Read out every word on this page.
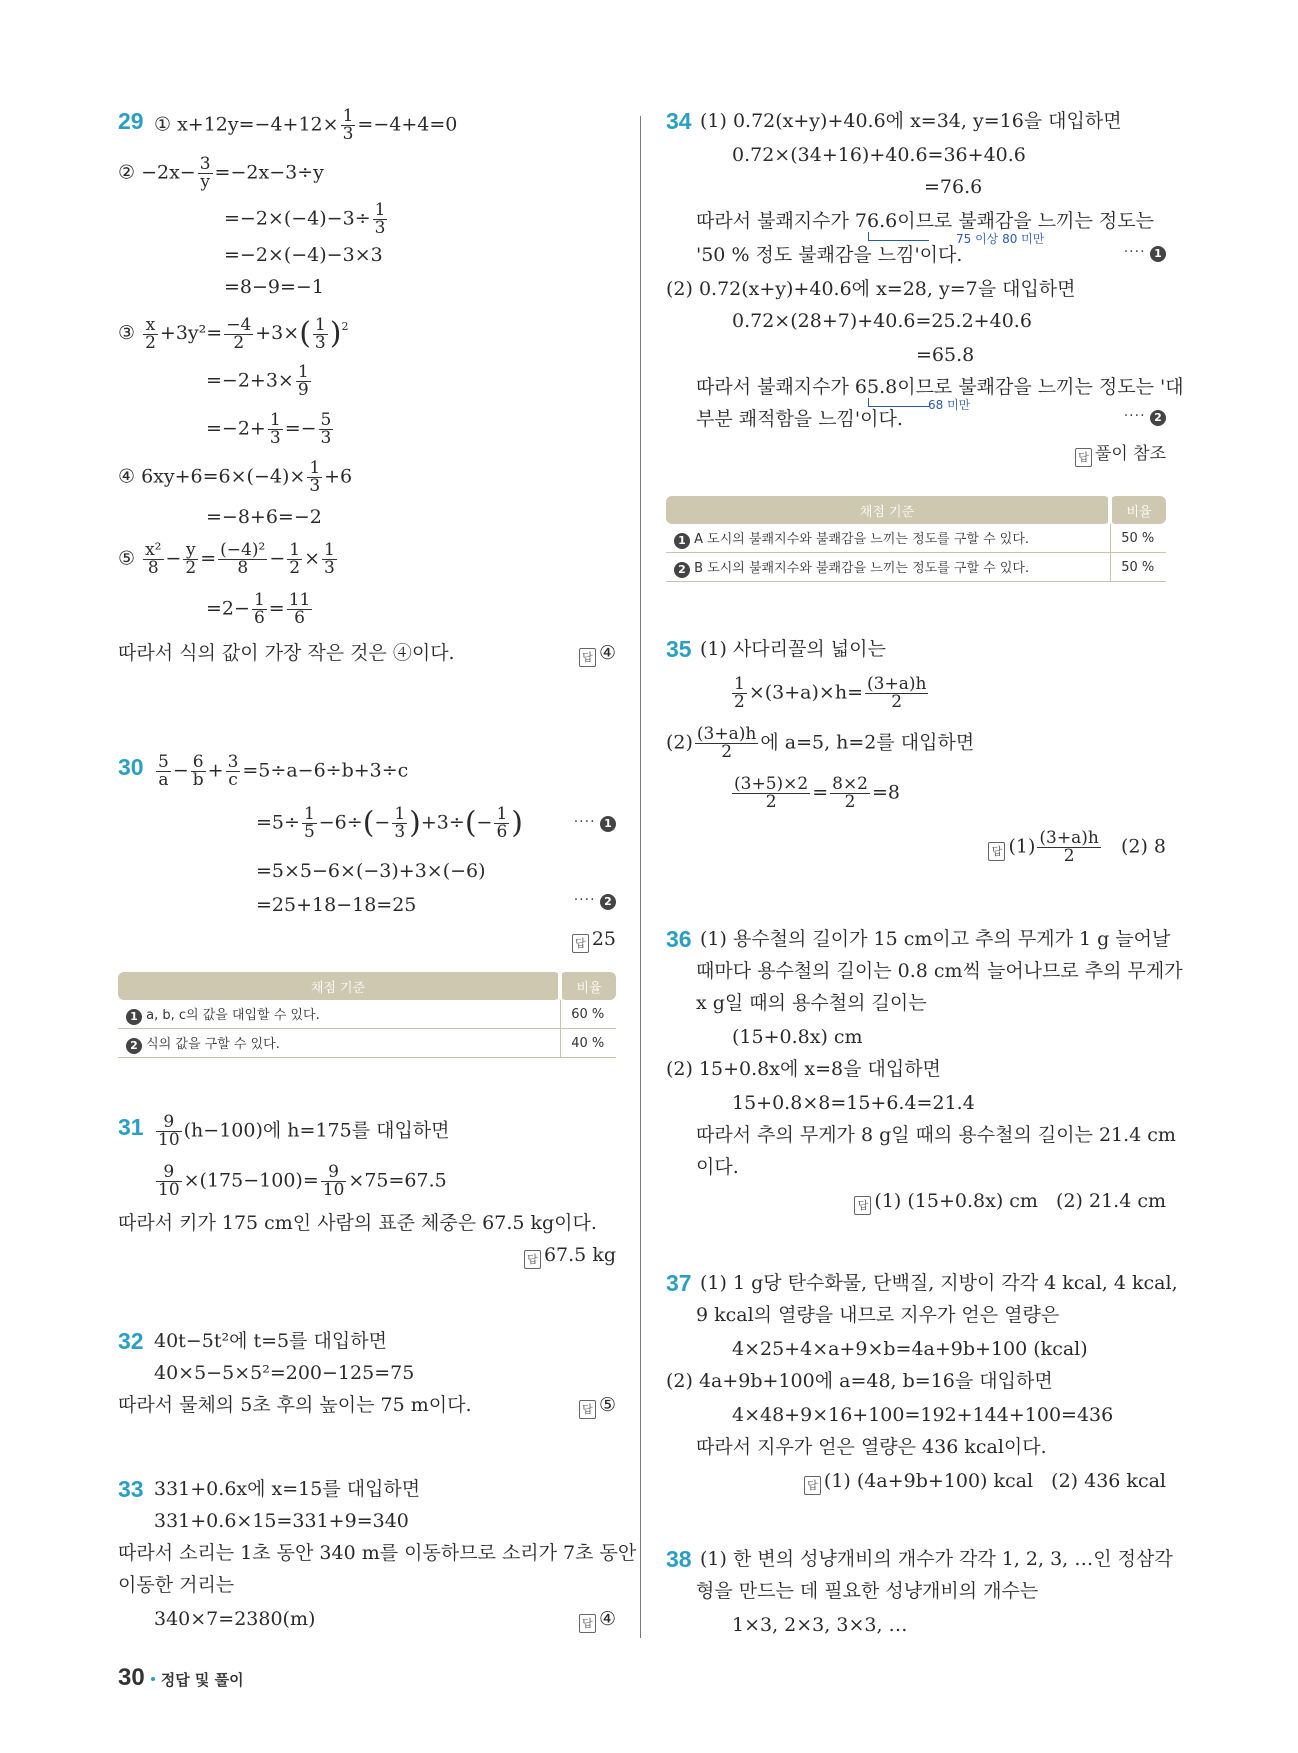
29 ① $x+12y=-4+12\times \frac{1}{3} =-4+4=0$
② $-2x- \frac{3}{y} =-2x-3\div y$
$=-2\times(-4)-3\div \frac{1}{3}$
=−2×(−4)−3×3
=8−9=−1
③ $\frac{x}{2} +3y^2= \frac{-4}{2} +3\times( \frac{1}{3} )^2$
$=-2+3\times \frac{1}{9}$
$=-2+ \frac{1}{3} =- \frac{5}{3}$
④ $6xy+6=6\times(-4)\times \frac{1}{3} +6$
=−8+6=−2
⑤ $\frac{\text{x²}}{8} - \frac{y}{2} = \frac{\text{(−4)²}}{8} - \frac{1}{2} \times \frac{1}{3}$
$=2- \frac{1}{6} = \frac{11}{6}$
따라서 식의 값이 가장 작은 것은 ④이다.	답 ④
$30 \frac{5}{a} - \frac{6}{b} + \frac{3}{c} =5\div a-6\div b+3\div c$
$=5\div \frac{1}{5} -6\div(- \frac{1}{3} )+3\div(- \frac{1}{6}$ )	···· 1
=5×5−6×(−3)+3×(−6)
=25+18−18=25	···· 2
답 25
채점 기준	비율
1 a, b, c의 값을 대입할 수 있다.	60 %
2 식의 값을 구할 수 있다.	40 %
$31 \frac{9}{10} (h-100)$에 h=175를 대입하면
$\frac{9}{10} \times(175-100)= \frac{9}{10} \times 75=67.5$
따라서 키가 175 cm인 사람의 표준 체중은 67.5 kg이다.
답 67.5 kg
32 40t−5t²에 t=5를 대입하면
40×5−5×5²=200−125=75
따라서 물체의 5초 후의 높이는 75 m이다.	답 ⑤
33 331+0.6x에 x=15를 대입하면
331+0.6×15=331+9=340
따라서 소리는 1초 동안 340 m를 이동하므로 소리가 7초 동안
이동한 거리는
340×7=2380(m)	답 ④
34 (1) 0.72(x+y)+40.6에 x=34, y=16을 대입하면
0.72×(34+16)+40.6=36+40.6
=76.6
따라서 불쾌지수가 76.6이므로 불쾌감을 느끼는 정도는
75 이상 80 미만
'50 % 정도 불쾌감을 느낌'이다.	···· 1
(2) 0.72(x+y)+40.6에 x=28, y=7을 대입하면
0.72×(28+7)+40.6=25.2+40.6
=65.8
따라서 불쾌지수가 65.8이므로 불쾌감을 느끼는 정도는 '대
68 미만
부분 쾌적함을 느낌'이다.	···· 2
답 풀이 참조
채점 기준	비율
1 A 도시의 불쾌지수와 불쾌감을 느끼는 정도를 구할 수 있다.	50 %
2 B 도시의 불쾌지수와 불쾌감을 느끼는 정도를 구할 수 있다.	50 %
35 (1) 사다리꼴의 넓이는
$\frac{1}{2} \times(3+a)\times h= \frac{(3+a)h}{2}$
$(2) \frac{(3+a)h}{2}$ 에 a=5, h=2를 대입하면
$\frac{(3+5)\times 2}{2} = \frac{8\times 2}{2} =8$
답 $(1) \frac{(3+a)h}{2} (2)$ 8
36 (1) 용수철의 길이가 15 cm이고 추의 무게가 1 g 늘어날
때마다 용수철의 길이는 0.8 cm씩 늘어나므로 추의 무게가
x g일 때의 용수철의 길이는
(15+0.8x) cm
(2) 15+0.8x에 x=8을 대입하면
15+0.8×8=15+6.4=21.4
따라서 추의 무게가 8 g일 때의 용수철의 길이는 21.4 cm
이다.
답 (1) (15+0.8x) cm   (2) 21.4 cm
37 (1) 1 g당 탄수화물, 단백질, 지방이 각각 4 kcal, 4 kcal,
9 kcal의 열량을 내므로 지우가 얻은 열량은
4×25+4×a+9×b=4a+9b+100 (kcal)
(2) 4a+9b+100에 a=48, b=16을 대입하면
4×48+9×16+100=192+144+100=436
따라서 지우가 얻은 열량은 436 kcal이다.
답 (1) (4a+9b+100) kcal   (2) 436 kcal
38 (1) 한 변의 성냥개비의 개수가 각각 1, 2, 3, …인 정삼각
형을 만드는 데 필요한 성냥개비의 개수는
1×3, 2×3, 3×3, …
30 정답 및 풀이
